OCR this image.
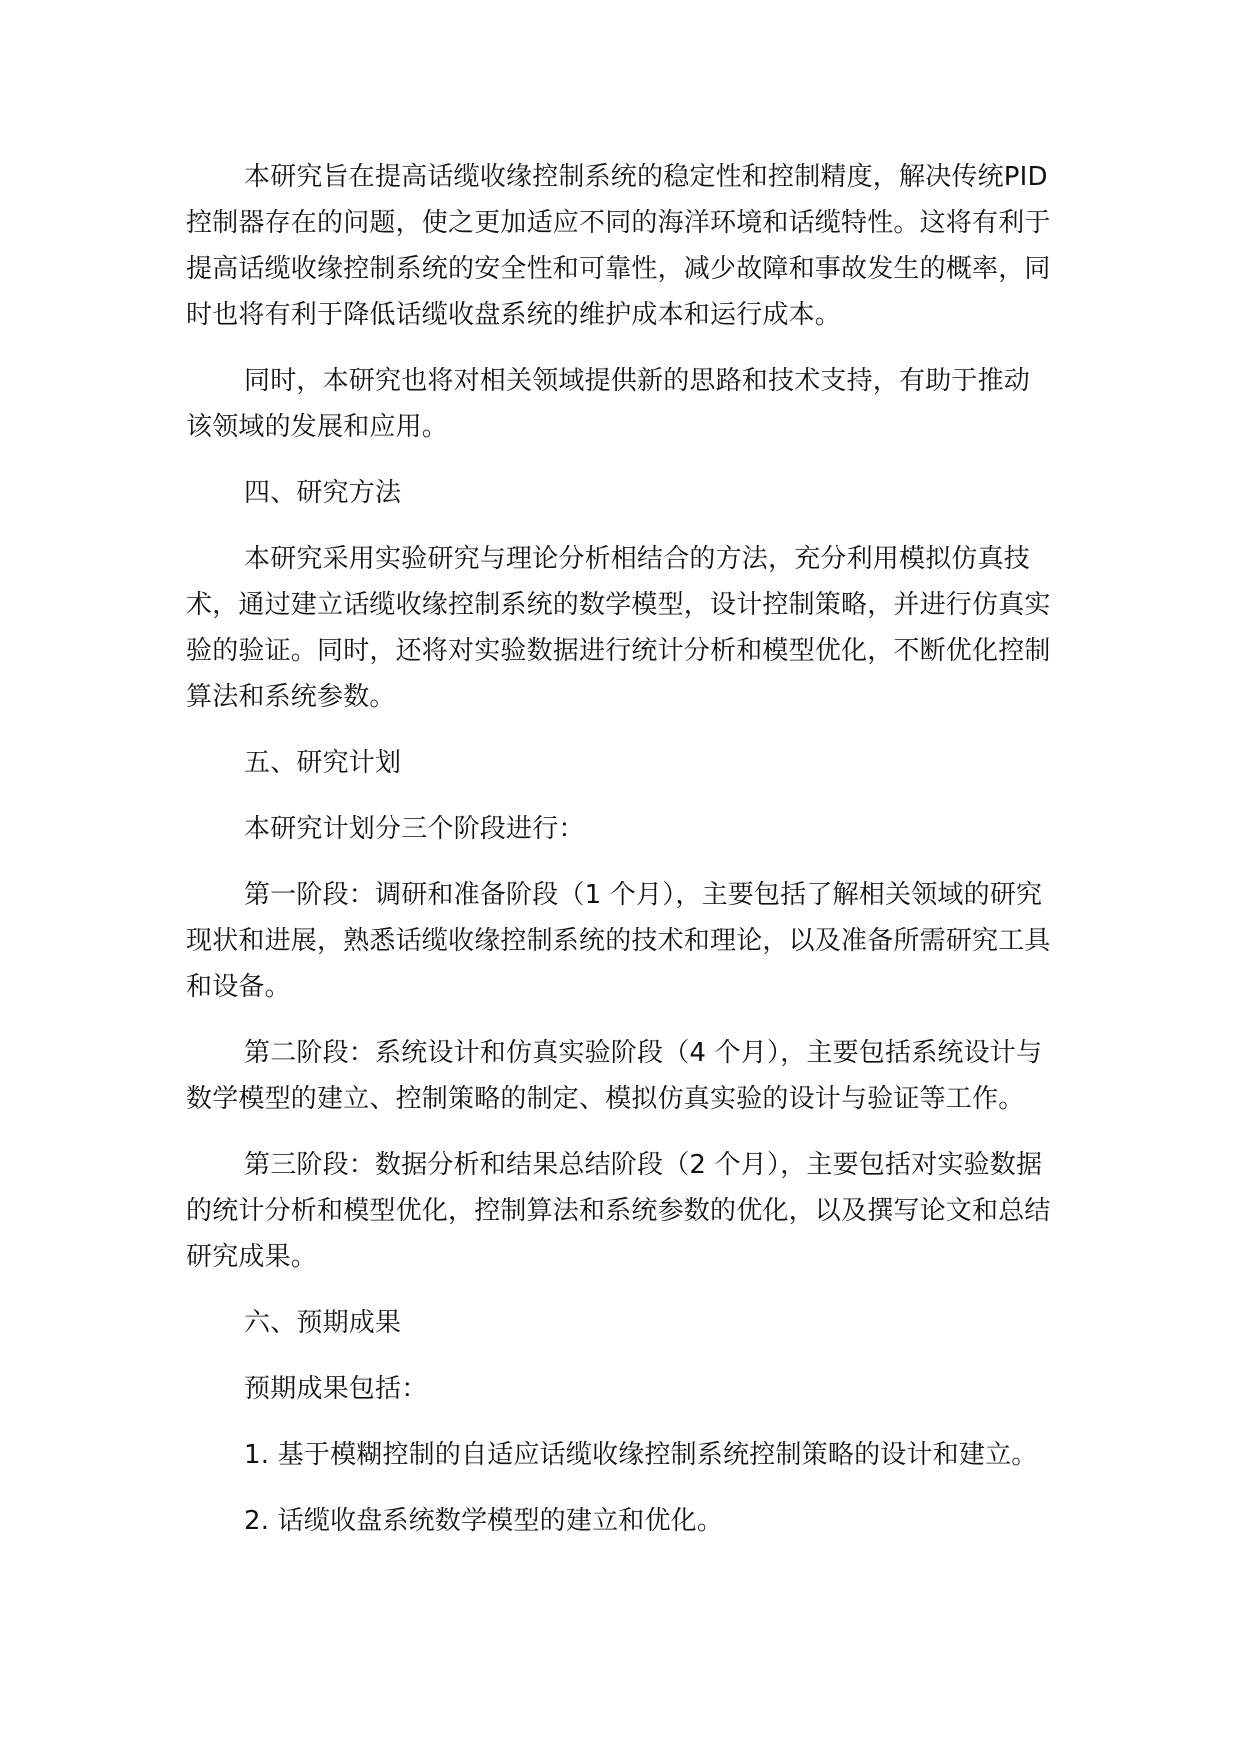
本研究旨在提高话缆收缘控制系统的稳定性和控制精度，解决传统PID 控制器存在的问题，使之更加适应不同的海洋环境和话缆特性。这将有利于提高话缆收缘控制系统的安全性和可靠性，减少故障和事故发生的概率，同时也将有利于降低话缆收盘系统的维护成本和运行成本。

同时，本研究也将对相关领域提供新的思路和技术支持，有助于推动该领域的发展和应用。

四、研究方法

本研究采用实验研究与理论分析相结合的方法，充分利用模拟仿真技术，通过建立话缆收缘控制系统的数学模型，设计控制策略，并进行仿真实验的验证。同时，还将对实验数据进行统计分析和模型优化，不断优化控制算法和系统参数。

五、研究计划

本研究计划分三个阶段进行：

第一阶段：调研和准备阶段（1 个月），主要包括了解相关领域的研究现状和进展，熟悉话缆收缘控制系统的技术和理论，以及准备所需研究工具和设备。

第二阶段：系统设计和仿真实验阶段（4 个月），主要包括系统设计与数学模型的建立、控制策略的制定、模拟仿真实验的设计与验证等工作。

第三阶段：数据分析和结果总结阶段（2 个月），主要包括对实验数据的统计分析和模型优化，控制算法和系统参数的优化，以及撰写论文和总结研究成果。

六、预期成果

预期成果包括：

1. 基于模糊控制的自适应话缆收缘控制系统控制策略的设计和建立。

2. 话缆收盘系统数学模型的建立和优化。
